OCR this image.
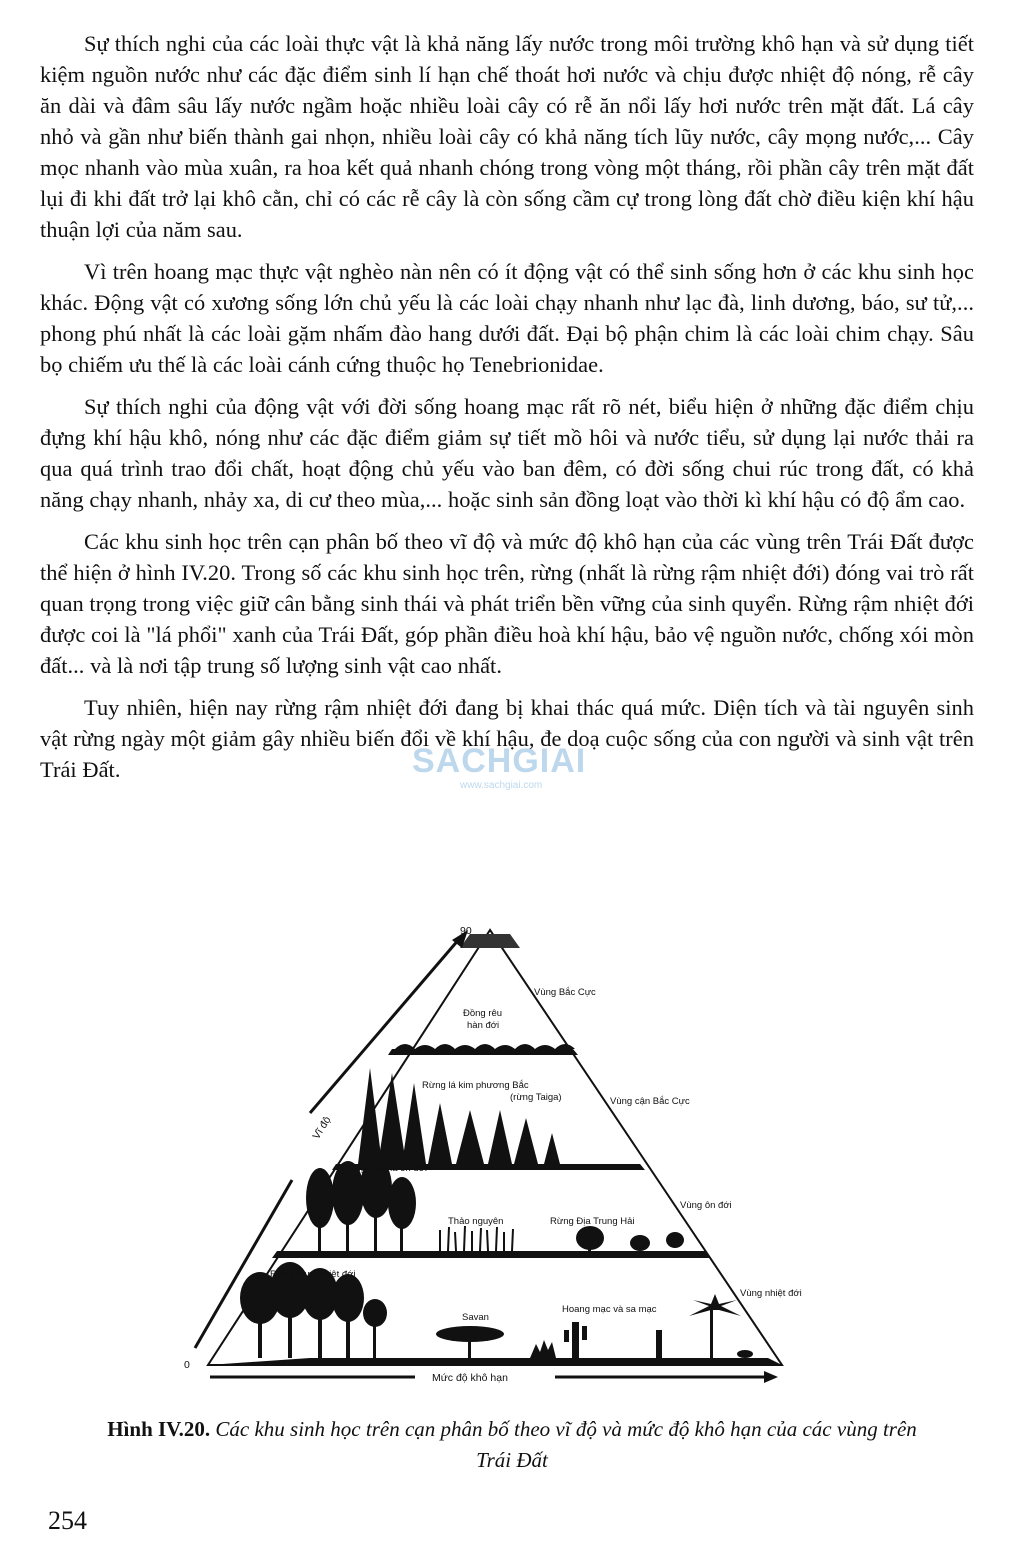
Sự thích nghi của các loài thực vật là khả năng lấy nước trong môi trường khô hạn và sử dụng tiết kiệm nguồn nước như các đặc điểm sinh lí hạn chế thoát hơi nước và chịu được nhiệt độ nóng, rễ cây ăn dài và đâm sâu lấy nước ngầm hoặc nhiều loài cây có rễ ăn nổi lấy hơi nước trên mặt đất. Lá cây nhỏ và gần như biến thành gai nhọn, nhiều loài cây có khả năng tích lũy nước, cây mọng nước,... Cây mọc nhanh vào mùa xuân, ra hoa kết quả nhanh chóng trong vòng một tháng, rồi phần cây trên mặt đất lụi đi khi đất trở lại khô cằn, chỉ có các rễ cây là còn sống cầm cự trong lòng đất chờ điều kiện khí hậu thuận lợi của năm sau.

Vì trên hoang mạc thực vật nghèo nàn nên có ít động vật có thể sinh sống hơn ở các khu sinh học khác. Động vật có xương sống lớn chủ yếu là các loài chạy nhanh như lạc đà, linh dương, báo, sư tử,... phong phú nhất là các loài gặm nhấm đào hang dưới đất. Đại bộ phận chim là các loài chim chạy. Sâu bọ chiếm ưu thế là các loài cánh cứng thuộc họ Tenebrionidae.

Sự thích nghi của động vật với đời sống hoang mạc rất rõ nét, biểu hiện ở những đặc điểm chịu đựng khí hậu khô, nóng như các đặc điểm giảm sự tiết mồ hôi và nước tiểu, sử dụng lại nước thải ra qua quá trình trao đổi chất, hoạt động chủ yếu vào ban đêm, có đời sống chui rúc trong đất, có khả năng chạy nhanh, nhảy xa, di cư theo mùa,... hoặc sinh sản đồng loạt vào thời kì khí hậu có độ ẩm cao.

Các khu sinh học trên cạn phân bố theo vĩ độ và mức độ khô hạn của các vùng trên Trái Đất được thể hiện ở hình IV.20. Trong số các khu sinh học trên, rừng (nhất là rừng rậm nhiệt đới) đóng vai trò rất quan trọng trong việc giữ cân bằng sinh thái và phát triển bền vững của sinh quyển. Rừng rậm nhiệt đới được coi là "lá phổi" xanh của Trái Đất, góp phần điều hoà khí hậu, bảo vệ nguồn nước, chống xói mòn đất... và là nơi tập trung số lượng sinh vật cao nhất.

Tuy nhiên, hiện nay rừng rậm nhiệt đới đang bị khai thác quá mức. Diện tích và tài nguyên sinh vật rừng ngày một giảm gây nhiều biến đổi về khí hậu, đe doạ cuộc sống của con người và sinh vật trên Trái Đất.	SACHGIAI
www.sachgiai.com
Vĩ độ
90
0
Mức độ khô hạn
Vùng Bắc Cực
Vùng cận Bắc Cực
Vùng ôn đới
Vùng nhiệt đới
Đồng rêu
hàn đới
Rừng lá kim phương Bắc
(rừng Taiga)
Rừng rụng lá ôn đới
Thảo nguyên	Rừng Địa Trung Hải
Rừng mưa nhiệt đới
Savan
Hoang mạc và sa mạc
Hình IV.20. Các khu sinh học trên cạn phân bố theo vĩ độ và mức độ khô hạn của các vùng trên Trái Đất
254
